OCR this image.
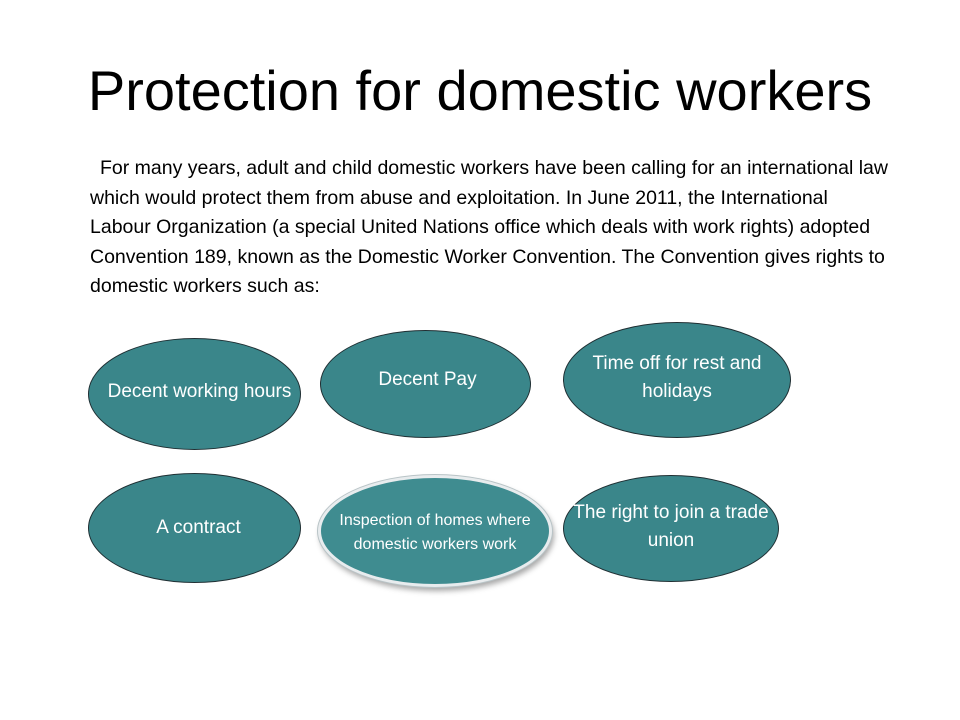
Protection for domestic workers

For many years, adult and child domestic workers have been calling for an international law which would protect them from abuse and exploitation. In June 2011, the International Labour Organization (a special United Nations office which deals with work rights) adopted Convention 189, known as the Domestic Worker Convention. The Convention gives rights to domestic workers such as:

Decent working hours
Decent Pay
Time off for rest and holidays
A contract	Inspection of homes where domestic workers work
The right to join a trade union
